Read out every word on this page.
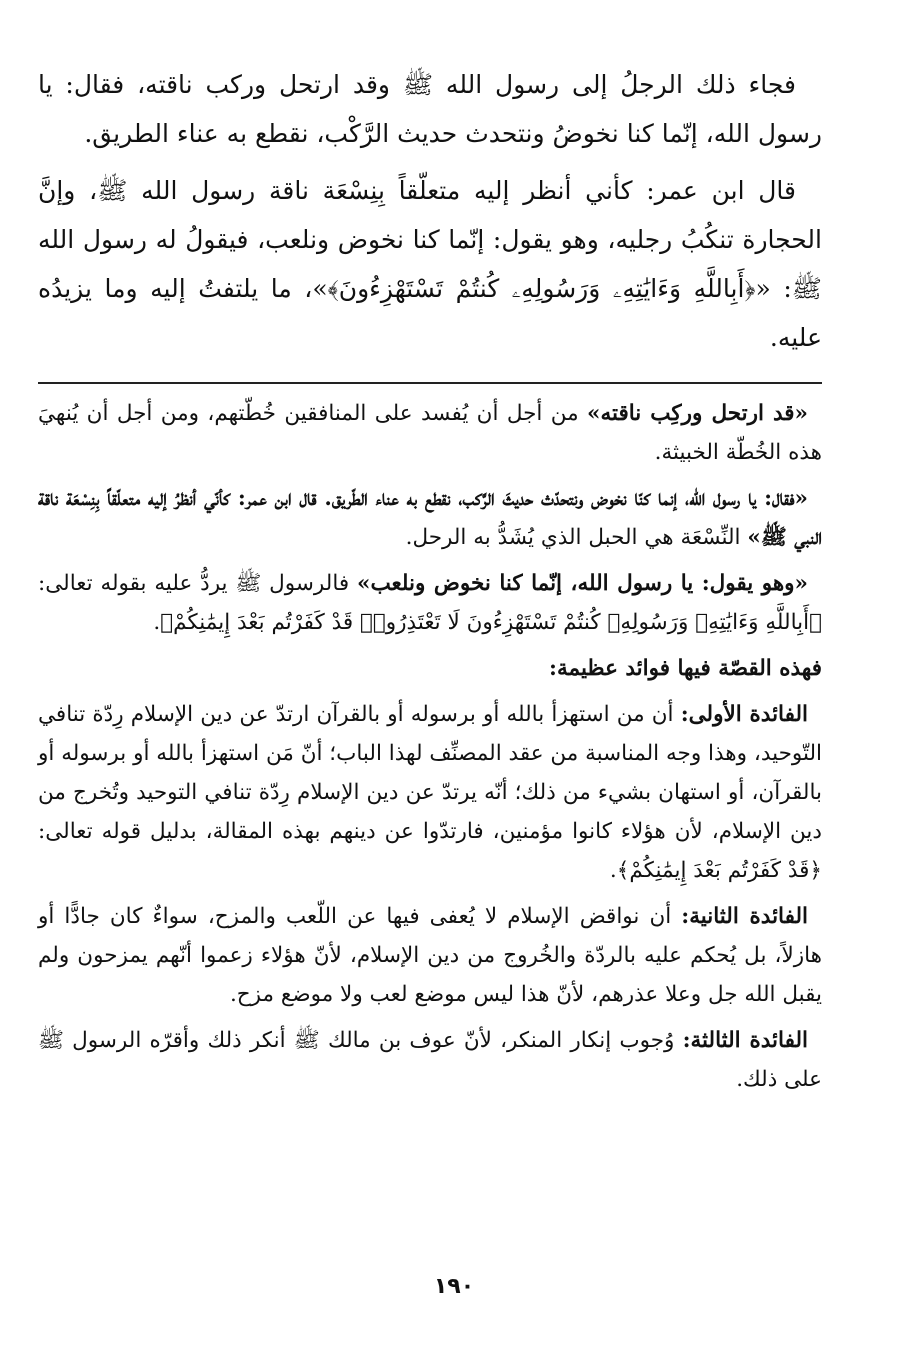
فجاء ذلك الرجلُ إلى رسول الله ﷺ وقد ارتحل وركب ناقته، فقال: يا رسول الله، إنّما كنا نخوضُ ونتحدث حديث الرَّكْب، نقطع به عناء الطريق.

قال ابن عمر: كأني أنظر إليه متعلّقاً بِنِسْعَة ناقة رسول الله ﷺ، وإنَّ الحجارة تنكُبُ رجليه، وهو يقول: إنّما كنا نخوض ونلعب، فيقولُ له رسول الله ﷺ: «﴿أَبِاللَّهِ وَءَايَٰتِهِۦ وَرَسُولِهِۦ كُنتُمْ تَسْتَهْزِءُونَ﴾»، ما يلتفتُ إليه وما يزيدُه عليه.

«قد ارتحل وركِب ناقته» من أجل أن يُفسد على المنافقين خُطّتهم، ومن أجل أن يُنهيَ هذه الخُطّة الخبيثة.

«فقال: يا رسول الله، إنما كنّا نخوض ونتحدّث حديثَ الرَّكب، نقطع به عناء الطّريق. قال ابن عمر: كأنّي أنظرُ إليه متعلّقاً بِنِسْعَة ناقة النبي ﷺ» النِّسْعَة هي الحبل الذي يُشَدُّ به الرحل.

«وهو يقول: يا رسول الله، إنّما كنا نخوض ونلعب» فالرسول ﷺ يردُّ عليه بقوله تعالى: ﴿أَبِاللَّهِ وَءَايَٰتِهِۦ وَرَسُولِهِۦ كُنتُمْ تَسْتَهْزِءُونَ لَا تَعْتَذِرُوا۟ قَدْ كَفَرْتُم بَعْدَ إِيمَٰنِكُمْ﴾.

فهذه القصّة فيها فوائد عظيمة:

الفائدة الأولى: أن من استهزأ بالله أو برسوله أو بالقرآن ارتدّ عن دين الإسلام رِدّة تنافي التّوحيد، وهذا وجه المناسبة من عقد المصنِّف لهذا الباب؛ أنّ مَن استهزأ بالله أو برسوله أو بالقرآن، أو استهان بشيء من ذلك؛ أنّه يرتدّ عن دين الإسلام رِدّة تنافي التوحيد وتُخرج من دين الإسلام، لأن هؤلاء كانوا مؤمنين، فارتدّوا عن دينهم بهذه المقالة، بدليل قوله تعالى: ﴿قَدْ كَفَرْتُم بَعْدَ إِيمَٰنِكُمْ﴾.

الفائدة الثانية: أن نواقض الإسلام لا يُعفى فيها عن اللّعب والمزح، سواءٌ كان جادًّا أو هازلاً، بل يُحكم عليه بالردّة والخُروج من دين الإسلام، لأنّ هؤلاء زعموا أنّهم يمزحون ولم يقبل الله جل وعلا عذرهم، لأنّ هذا ليس موضع لعب ولا موضع مزح.

الفائدة الثالثة: وُجوب إنكار المنكر، لأنّ عوف بن مالك ﷺ أنكر ذلك وأقرّه الرسول ﷺ على ذلك.

١٩٠
